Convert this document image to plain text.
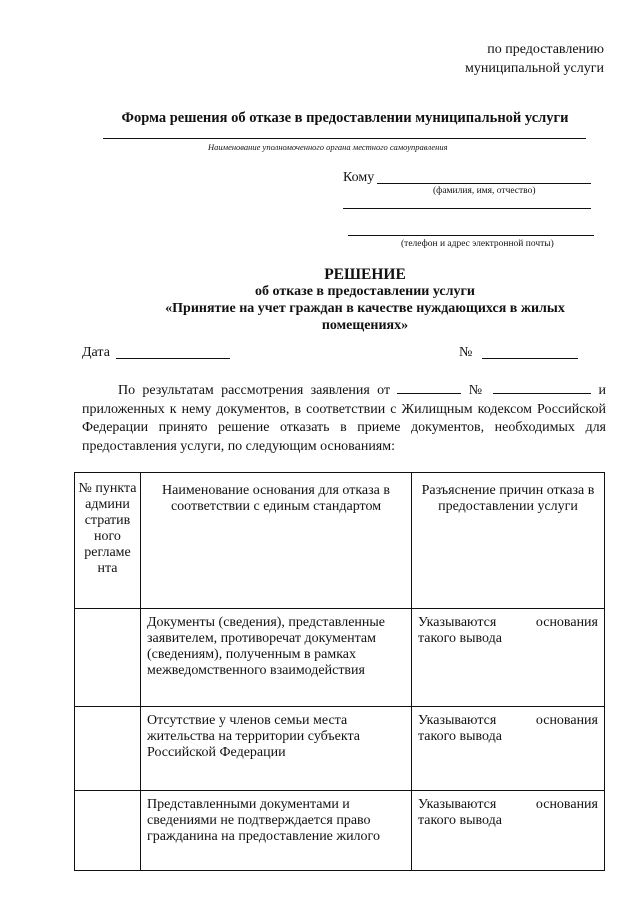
по предоставлению
муниципальной услуги
Форма решения об отказе в предоставлении муниципальной услуги
Наименование уполномоченного органа местного самоуправления
Кому
(фамилия, имя, отчество)
(телефон и адрес электронной почты)
РЕШЕНИЕ
об отказе в предоставлении услуги
«Принятие на учет граждан в качестве нуждающихся в жилых
помещениях»
Дата	№
По результатам рассмотрения заявления от	№	и приложенных к нему документов, в соответствии с Жилищным кодексом Российской Федерации принято решение отказать в приеме документов, необходимых для предоставления услуги, по следующим основаниям:
№ пункта админи стратив ного регламе нта	Наименование основания для отказа в соответствии с единым стандартом	Разъяснение причин отказа в предоставлении услуги
	Документы (сведения), представленные заявителем, противоречат документам (сведениям), полученным в рамках межведомственного взаимодействия	Указываются основания
такого вывода

	Отсутствие у членов семьи места жительства на территории субъекта Российской Федерации	Указываются основания
такого вывода

	Представленными документами и сведениями не подтверждается право гражданина на предоставление жилого	Указываются основания
такого вывода
